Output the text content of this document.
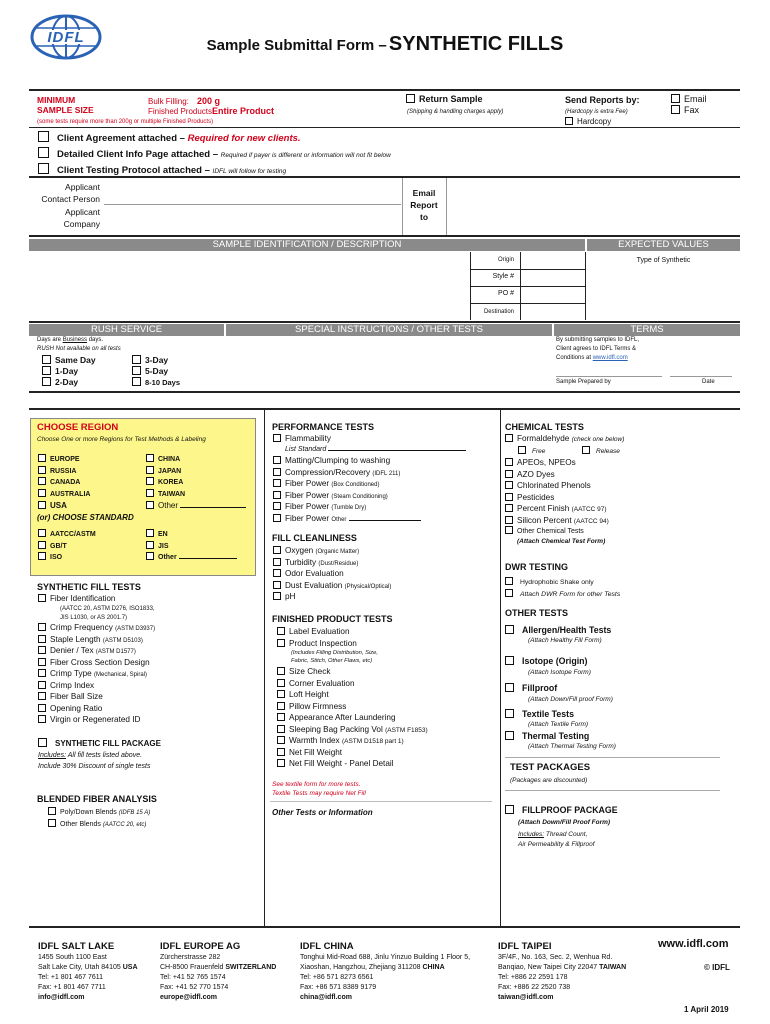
IDFL	Sample Submittal Form – SYNTHETIC FILLS
MINIMUM
SAMPLE SIZE
Bulk Filling: 200 g
Finished Products:
Entire Product
(some tests require more than 200g or multiple Finished Products)
Return Sample
(Shipping & handling charges apply)
Send Reports by:
(Hardcopy is extra Fee)
Hardcopy
Email
Fax
Client Agreement attached – Required for new clients.
Detailed Client Info Page attached – Required if payer is different or information will not fit below
Client Testing Protocol attached – IDFL will follow for testing
Applicant
Contact Person
Applicant
Company
Email
Report
to
SAMPLE IDENTIFICATION / DESCRIPTION	EXPECTED VALUES
Origin
Style #
PO #
Destination
Type of Synthetic
RUSH SERVICE	SPECIAL INSTRUCTIONS / OTHER TESTS	TERMS
Days are Business days.
RUSH Not available on all tests
Same Day
1-Day
2-Day
3-Day
5-Day
8-10 Days
By submitting samples to IDFL,
Client agrees to IDFL Terms &
Conditions at www.idfl.com
Sample Prepared by	Date
CHOOSE REGION
Choose One or more Regions for Test Methods & Labeling
EUROPE
RUSSIA
CANADA
AUSTRALIA
USA
CHINA
JAPAN
KOREA
TAIWAN
Other
(or) CHOOSE STANDARD
AATCC/ASTM
GB/T
ISO
EN
JIS
Other
SYNTHETIC FILL TESTS
Fiber Identification
(AATCC 20, ASTM D276, ISO1833,
JIS L1030, or AS 2001.7)
Crimp Frequency (ASTM D3937)
Staple Length (ASTM D5103)
Denier / Tex (ASTM D1577)
Fiber Cross Section Design
Crimp Type (Mechanical, Spiral)
Crimp Index
Fiber Ball Size
Opening Ratio
Virgin or Regenerated ID
SYNTHETIC FILL PACKAGE
Includes: All fill tests listed above.
Include 30% Discount of single tests
BLENDED FIBER ANALYSIS
Poly/Down Blends (IDFB 15 A)
Other Blends (AATCC 20, etc)
PERFORMANCE TESTS
Flammability
List Standard
Matting/Clumping to washing
Compression/Recovery (IDFL 211)
Fiber Power (Box Conditioned)
Fiber Power (Steam Conditioning)
Fiber Power (Tumble Dry)
Fiber Power Other
FILL CLEANLINESS
Oxygen (Organic Matter)
Turbidity (Dust/Residue)
Odor Evaluation
Dust Evaluation (Physical/Optical)
pH
FINISHED PRODUCT TESTS
Label Evaluation
Product Inspection
(Includes Filling Distribution, Size,
Fabric, Stitch, Other Flaws, etc)
Size Check
Corner Evaluation
Loft Height
Pillow Firmness
Appearance After Laundering
Sleeping Bag Packing Vol (ASTM F1853)
Warmth Index (ASTM D1518 part 1)
Net Fill Weight
Net Fill Weight - Panel Detail
See textile form for more tests.
Textile Tests may require Net Fill
Other Tests or Information
CHEMICAL TESTS
Formaldehyde (check one below)
Free	Release
APEOs, NPEOs
AZO Dyes
Chlorinated Phenols
Pesticides
Percent Finish (AATCC 97)
Silicon Percent (AATCC 94)
Other Chemical Tests
(Attach Chemical Test Form)
DWR TESTING
Hydrophobic Shake only
Attach DWR Form for other Tests
OTHER TESTS
Allergen/Health Tests
(Attach Healthy Fill Form)
Isotope (Origin)
(Attach Isotope Form)
Fillproof
(Attach Down/Fill proof Form)
Textile Tests
(Attach Textile Form)
Thermal Testing
(Attach Thermal Testing Form)
TEST PACKAGES
(Packages are discounted)
FILLPROOF PACKAGE
(Attach Down/Fill Proof Form)
Includes: Thread Count,
Air Permeability & Fillproof
IDFL SALT LAKE
1455 South 1100 East
Salt Lake City, Utah 84105 USA
Tel: +1 801 467 7611
Fax: +1 801 467 7711
info@idfl.com
IDFL EUROPE AG
Zürcherstrasse 282
CH-8500 Frauenfeld SWITZERLAND
Tel: +41 52 765 1574
Fax: +41 52 770 1574
europe@idfl.com
IDFL CHINA
Tonghui Mid-Road 688, Jinlu Yinzuo Building 1 Floor 5,
Xiaoshan, Hangzhou, Zhejiang 311208 CHINA
Tel: +86 571 8273 6561
Fax: +86 571 8389 9179
china@idfl.com
IDFL TAIPEI
3F/4F., No. 163, Sec. 2, Wenhua Rd.
Banqiao, New Taipei City 22047 TAIWAN
Tel: +886 22 2591 178
Fax: +886 22 2520 738
taiwan@idfl.com
www.idfl.com
© IDFL
1 April 2019
